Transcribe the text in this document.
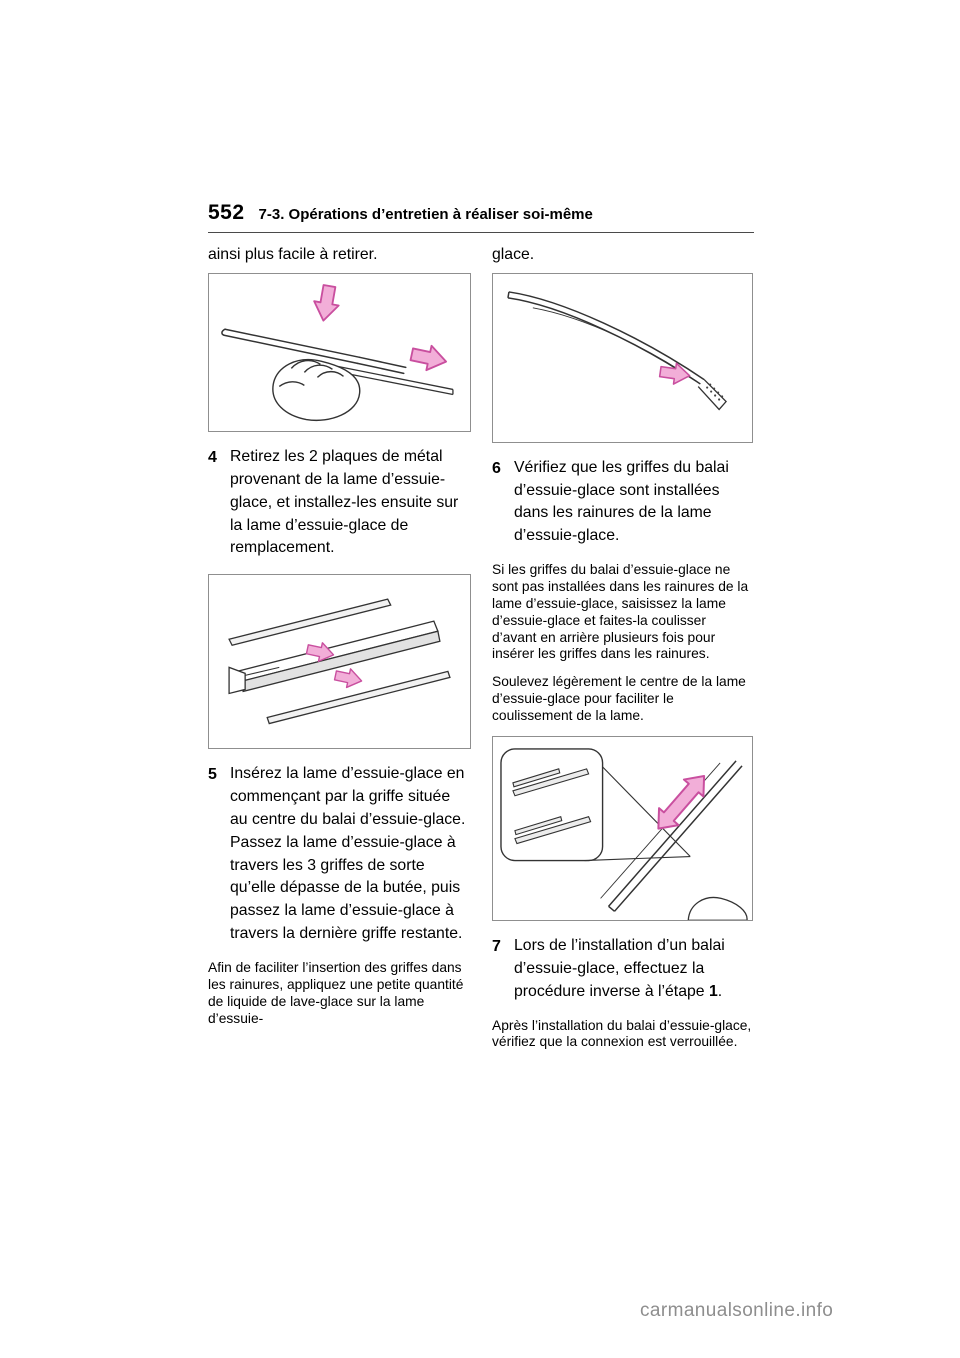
552 7-3. Opérations d’entretien à réaliser soi-même

ainsi plus facile à retirer.

4 Retirez les 2 plaques de métal provenant de la lame d’essuie-glace, et installez-les ensuite sur la lame d’essuie-glace de remplacement.
5 Insérez la lame d’essuie-glace en commençant par la griffe située au centre du balai d’essuie-glace. Passez la lame d’essuie-glace à travers les 3 griffes de sorte qu’elle dépasse de la butée, puis passez la lame d’essuie-glace à travers la dernière griffe restante.

Afin de faciliter l’insertion des griffes dans les rainures, appliquez une petite quantité de liquide de lave-glace sur la lame d’essuie-

glace.

6 Vérifiez que les griffes du balai d’essuie-glace sont installées dans les rainures de la lame d’essuie-glace.

Si les griffes du balai d’essuie-glace ne sont pas installées dans les rainures de la lame d’essuie-glace, saisissez la lame d’essuie-glace et faites-la coulisser d’avant en arrière plusieurs fois pour insérer les griffes dans les rainures.

Soulevez légèrement le centre de la lame d’essuie-glace pour faciliter le coulissement de la lame.

7 Lors de l’installation d’un balai d’essuie-glace, effectuez la procédure inverse à l’étape 1.

Après l’installation du balai d’essuie-glace, vérifiez que la connexion est verrouillée.

carmanualsonline.info
